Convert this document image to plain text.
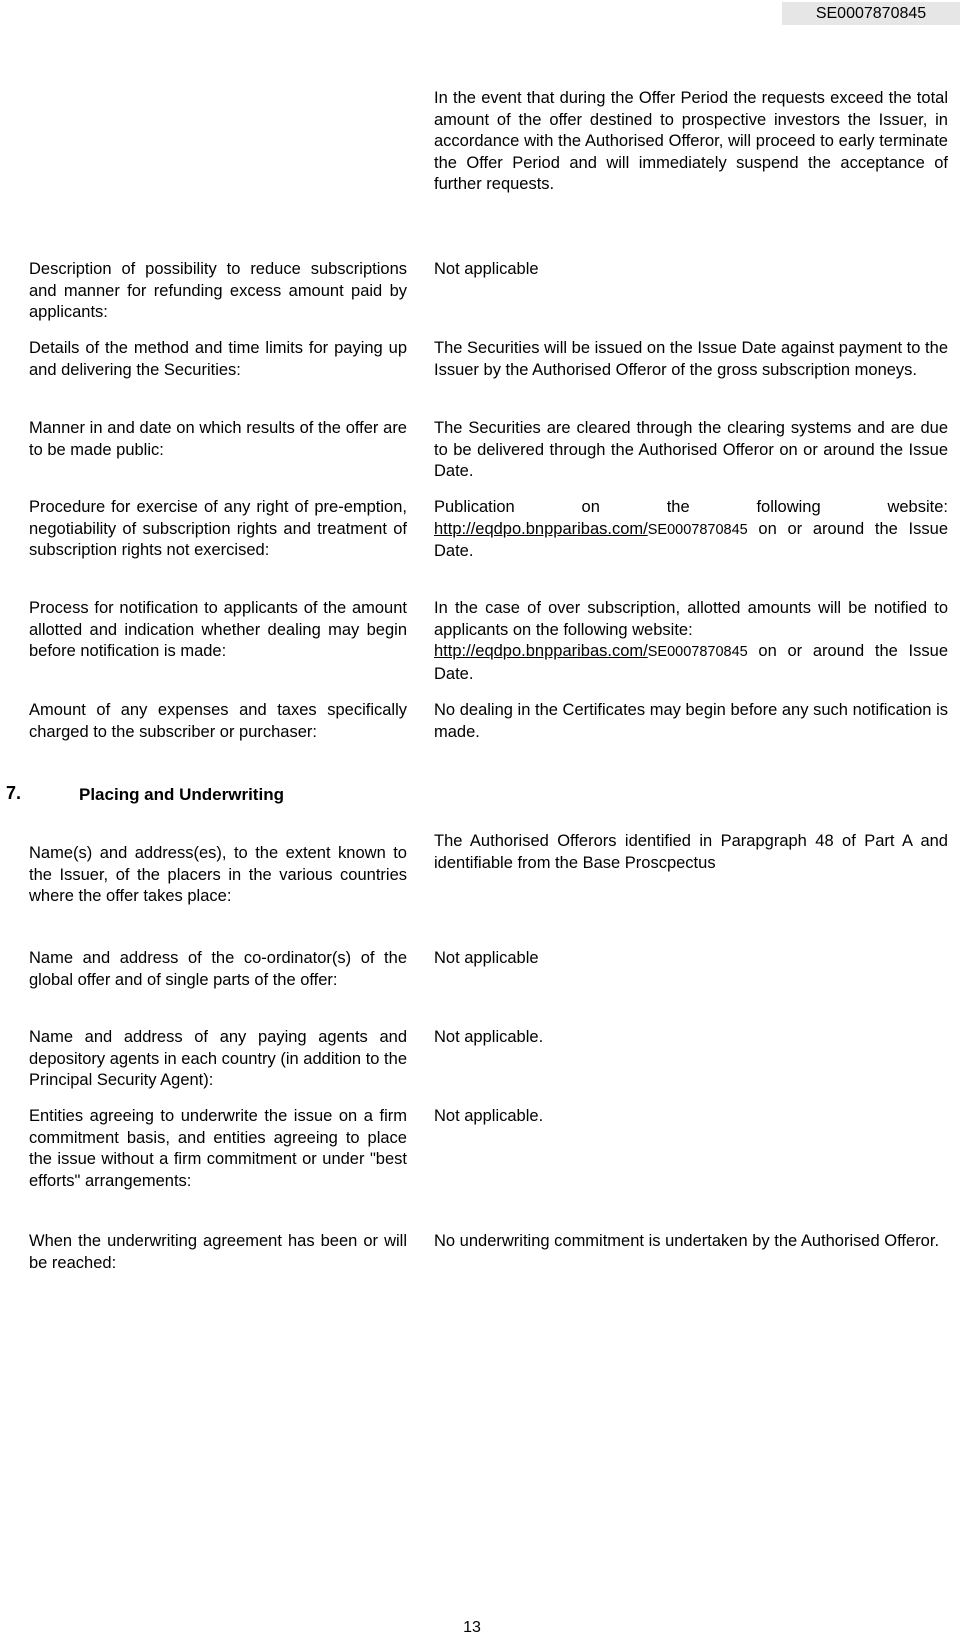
SE0007870845
In the event that during the Offer Period the requests exceed the total amount of the offer destined to prospective investors the Issuer, in accordance with the Authorised Offeror, will proceed to early terminate the Offer Period and will immediately suspend the acceptance of further requests.
Description of possibility to reduce subscriptions and manner for refunding excess amount paid by applicants:
Not applicable
Details of the method and time limits for paying up and delivering the Securities:
The Securities will be issued on the Issue Date against payment to the Issuer by the Authorised Offeror of the gross subscription moneys.
Manner in and date on which results of the offer are to be made public:
The Securities are cleared through the clearing systems and are due to be delivered through the Authorised Offeror on or around the Issue Date.
Procedure for exercise of any right of pre-emption, negotiability of subscription rights and treatment of subscription rights not exercised:
Publication on the following website:
http://eqdpo.bnpparibas.com/SE0007870845 on or around the Issue Date.
Process for notification to applicants of the amount allotted and indication whether dealing may begin before notification is made:
In the case of over subscription, allotted amounts will be notified to applicants on the following website:
http://eqdpo.bnpparibas.com/SE0007870845 on or around the Issue Date.
Amount of any expenses and taxes specifically charged to the subscriber or purchaser:
No dealing in the Certificates may begin before any such notification is made.
7.	Placing and Underwriting
Name(s) and address(es), to the extent known to the Issuer, of the placers in the various countries where the offer takes place:
The Authorised Offerors identified in Parapgraph 48 of Part A and identifiable from the Base Proscpectus
Name and address of the co-ordinator(s) of the global offer and of single parts of the offer:
Not applicable
Name and address of any paying agents and depository agents in each country (in addition to the Principal Security Agent):
Not applicable.
Entities agreeing to underwrite the issue on a firm commitment basis, and entities agreeing to place the issue without a firm commitment or under "best efforts" arrangements:
Not applicable.
When the underwriting agreement has been or will be reached:
No underwriting commitment is undertaken by the Authorised Offeror.
13
